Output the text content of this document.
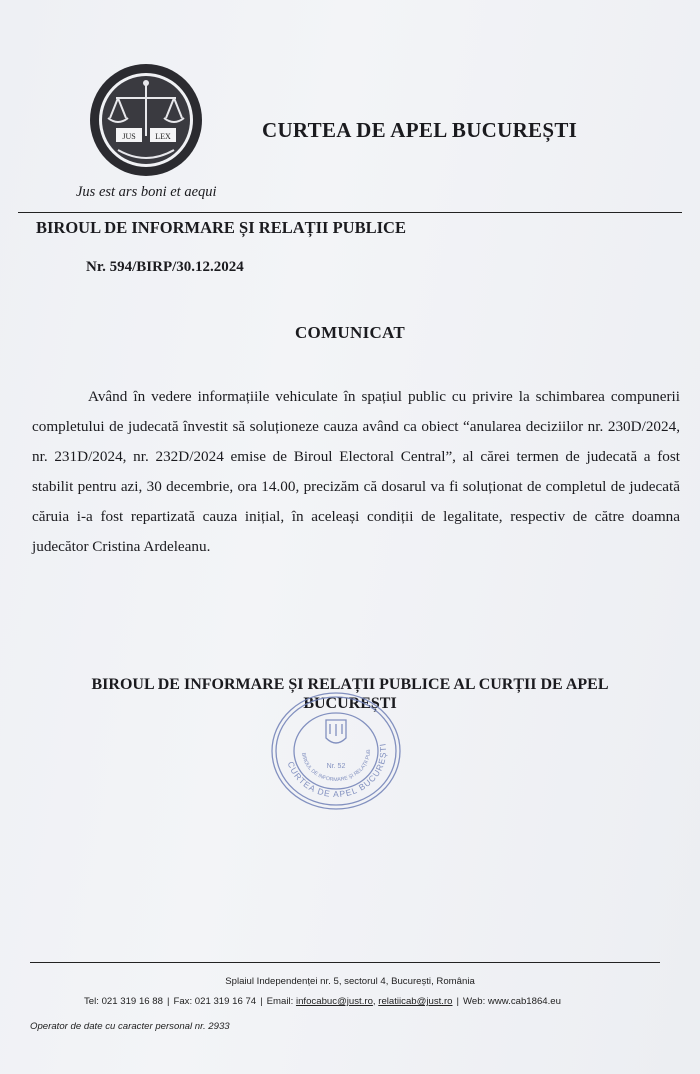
JUS LEX
Jus est ars boni et aequi
CURTEA DE APEL BUCUREȘTI
BIROUL DE INFORMARE ȘI RELAȚII PUBLICE
Nr. 594/BIRP/30.12.2024
COMUNICAT
Având în vedere informațiile vehiculate în spațiul public cu privire la schimbarea compunerii completului de judecată învestit să soluționeze cauza având ca obiect “anularea deciziilor nr. 230D/2024, nr. 231D/2024, nr. 232D/2024 emise de Biroul Electoral Central”, al cărei termen de judecată a fost stabilit pentru azi, 30 decembrie, ora 14.00, precizăm că dosarul va fi soluționat de completul de judecată căruia i-a fost repartizată cauza inițial, în aceleași condiții de legalitate, respectiv de către doamna judecător Cristina Ardeleanu.
BIROUL DE INFORMARE ȘI RELAȚII PUBLICE AL CURȚII DE APEL
BUCUREȘTI
CURTEA DE APEL BUCUREȘTI
BIROUL DE INFORMARE ȘI RELAȚII PUB
Nr. 52
Splaiul Independenței nr. 5, sectorul 4, București, România
Tel: 021 319 16 88 | Fax: 021 319 16 74 | Email: infocabuc@just.ro, relatiicab@just.ro | Web: www.cab1864.eu
Operator de date cu caracter personal nr. 2933
